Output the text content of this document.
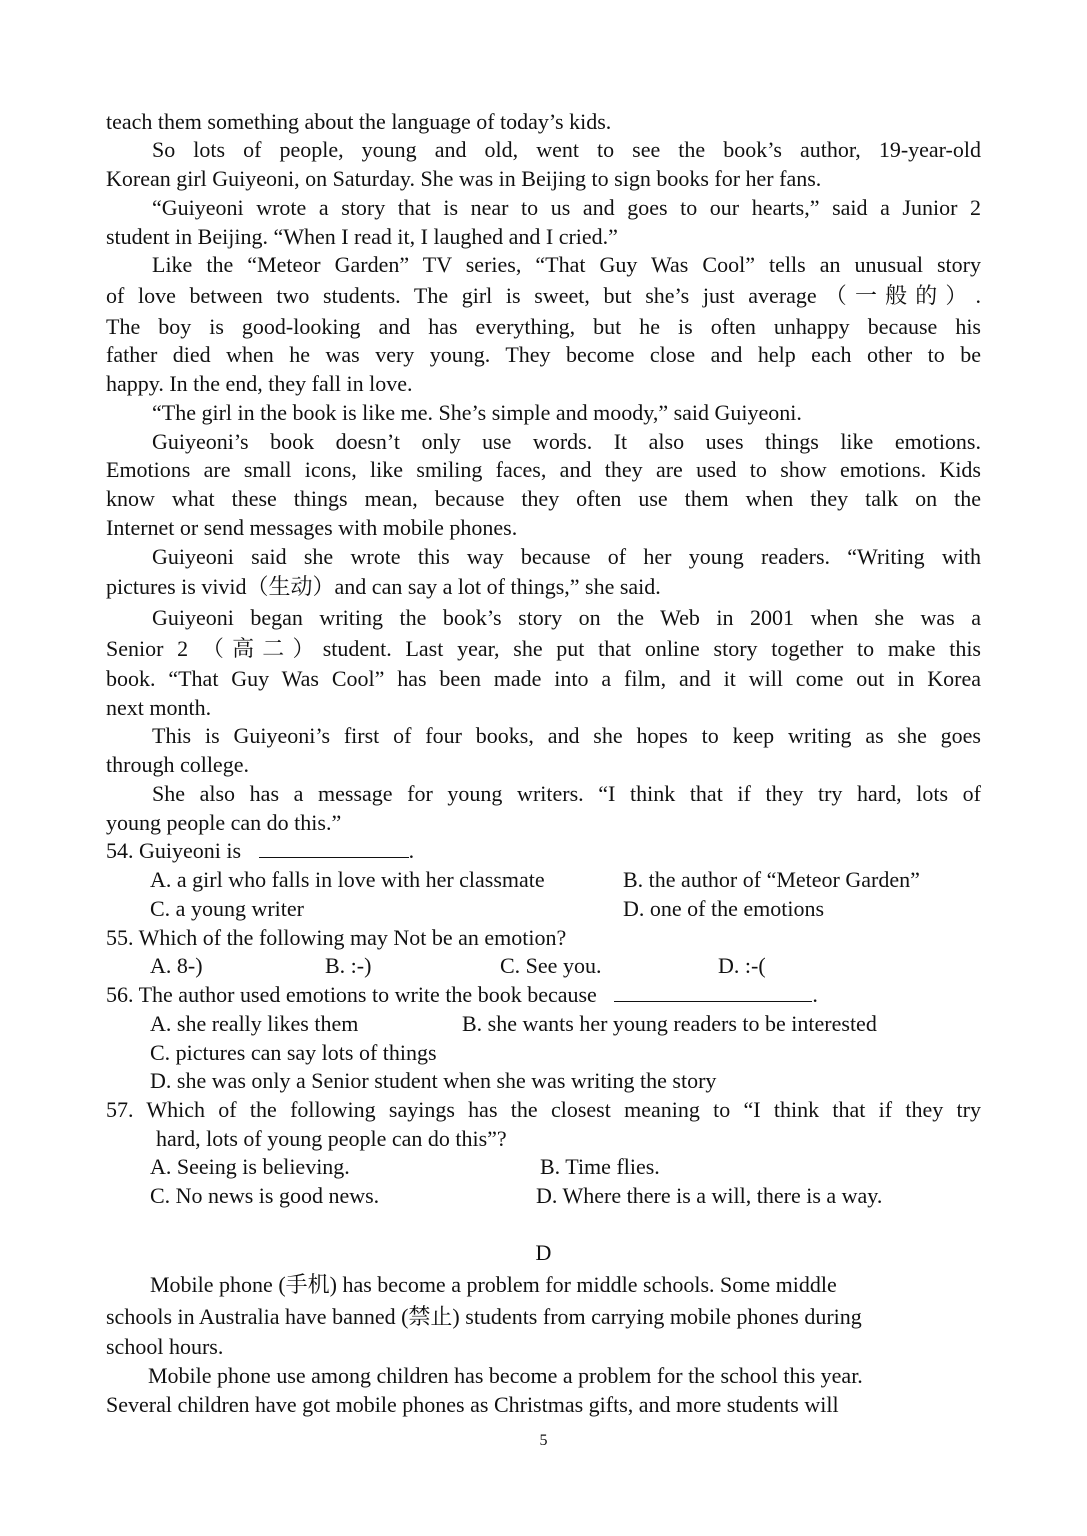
teach them something about the language of today’s kids.
So lots of people, young and old, went to see the book’s author, 19-year-old
Korean girl Guiyeoni, on Saturday. She was in Beijing to sign books for her fans.
“Guiyeoni wrote a story that is near to us and goes to our hearts,” said a Junior 2
student in Beijing. “When I read it, I laughed and I cried.”
Like the “Meteor Garden” TV series, “That Guy Was Cool” tells an unusual story
of love between two students. The girl is sweet, but she’s just average（一般的）.
The boy is good-looking and has everything, but he is often unhappy because his
father died when he was very young. They become close and help each other to be
happy. In the end, they fall in love.
“The girl in the book is like me. She’s simple and moody,” said Guiyeoni.
Guiyeoni’s book doesn’t only use words. It also uses things like emotions.
Emotions are small icons, like smiling faces, and they are used to show emotions. Kids
know what these things mean, because they often use them when they talk on the
Internet or send messages with mobile phones.
Guiyeoni said she wrote this way because of her young readers. “Writing with
pictures is vivid（生动）and can say a lot of things,” she said.
Guiyeoni began writing the book’s story on the Web in 2001 when she was a
Senior 2 （高二）student. Last year, she put that online story together to make this
book. “That Guy Was Cool” has been made into a film, and it will come out in Korea
next month.
This is Guiyeoni’s first of four books, and she hopes to keep writing as she goes
through college.
She also has a message for young writers. “I think that if they try hard, lots of
young people can do this.”
54. Guiyeoni is	.
A. a girl who falls in love with her classmate	B. the author of “Meteor Garden”
C. a young writer	D. one of the emotions
55. Which of the following may Not be an emotion?
A. 8-)	B. :-)	C. See you.	D. :-(
56. The author used emotions to write the book because	.
A. she really likes them	B. she wants her young readers to be interested
C. pictures can say lots of things
D. she was only a Senior student when she was writing the story
57. Which of the following sayings has the closest meaning to “I think that if they try
hard, lots of young people can do this”?
A. Seeing is believing.	B. Time flies.
C. No news is good news.	D. Where there is a will, there is a way.
D
Mobile phone (手机) has become a problem for middle schools. Some middle
schools in Australia have banned (禁止) students from carrying mobile phones during
school hours.
Mobile phone use among children has become a problem for the school this year.
Several children have got mobile phones as Christmas gifts, and more students will
5
